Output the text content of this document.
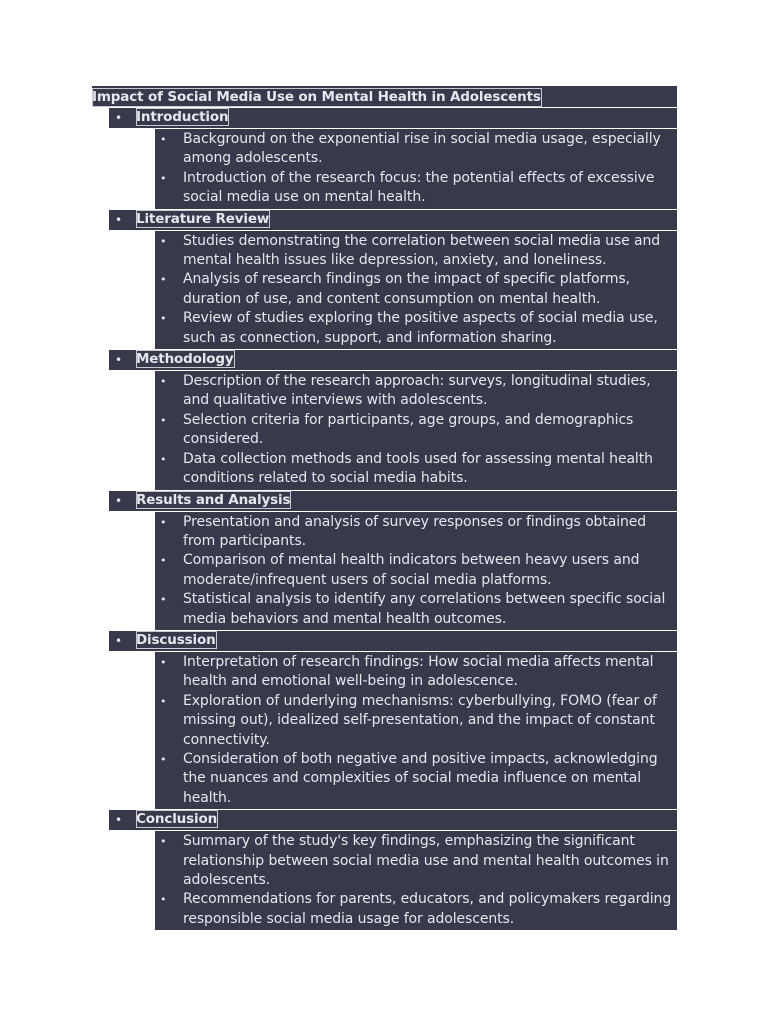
Impact of Social Media Use on Mental Health in Adolescents
• Introduction
• Background on the exponential rise in social media usage, especially among adolescents.
• Introduction of the research focus: the potential effects of excessive social media use on mental health.
• Literature Review
• Studies demonstrating the correlation between social media use and mental health issues like depression, anxiety, and loneliness.
• Analysis of research findings on the impact of specific platforms, duration of use, and content consumption on mental health.
• Review of studies exploring the positive aspects of social media use, such as connection, support, and information sharing.
• Methodology
• Description of the research approach: surveys, longitudinal studies, and qualitative interviews with adolescents.
• Selection criteria for participants, age groups, and demographics considered.
• Data collection methods and tools used for assessing mental health conditions related to social media habits.
• Results and Analysis
• Presentation and analysis of survey responses or findings obtained from participants.
• Comparison of mental health indicators between heavy users and moderate/infrequent users of social media platforms.
• Statistical analysis to identify any correlations between specific social media behaviors and mental health outcomes.
• Discussion
• Interpretation of research findings: How social media affects mental health and emotional well-being in adolescence.
• Exploration of underlying mechanisms: cyberbullying, FOMO (fear of missing out), idealized self-presentation, and the impact of constant connectivity.
• Consideration of both negative and positive impacts, acknowledging the nuances and complexities of social media influence on mental health.
• Conclusion
• Summary of the study's key findings, emphasizing the significant relationship between social media use and mental health outcomes in adolescents.
• Recommendations for parents, educators, and policymakers regarding responsible social media usage for adolescents.
